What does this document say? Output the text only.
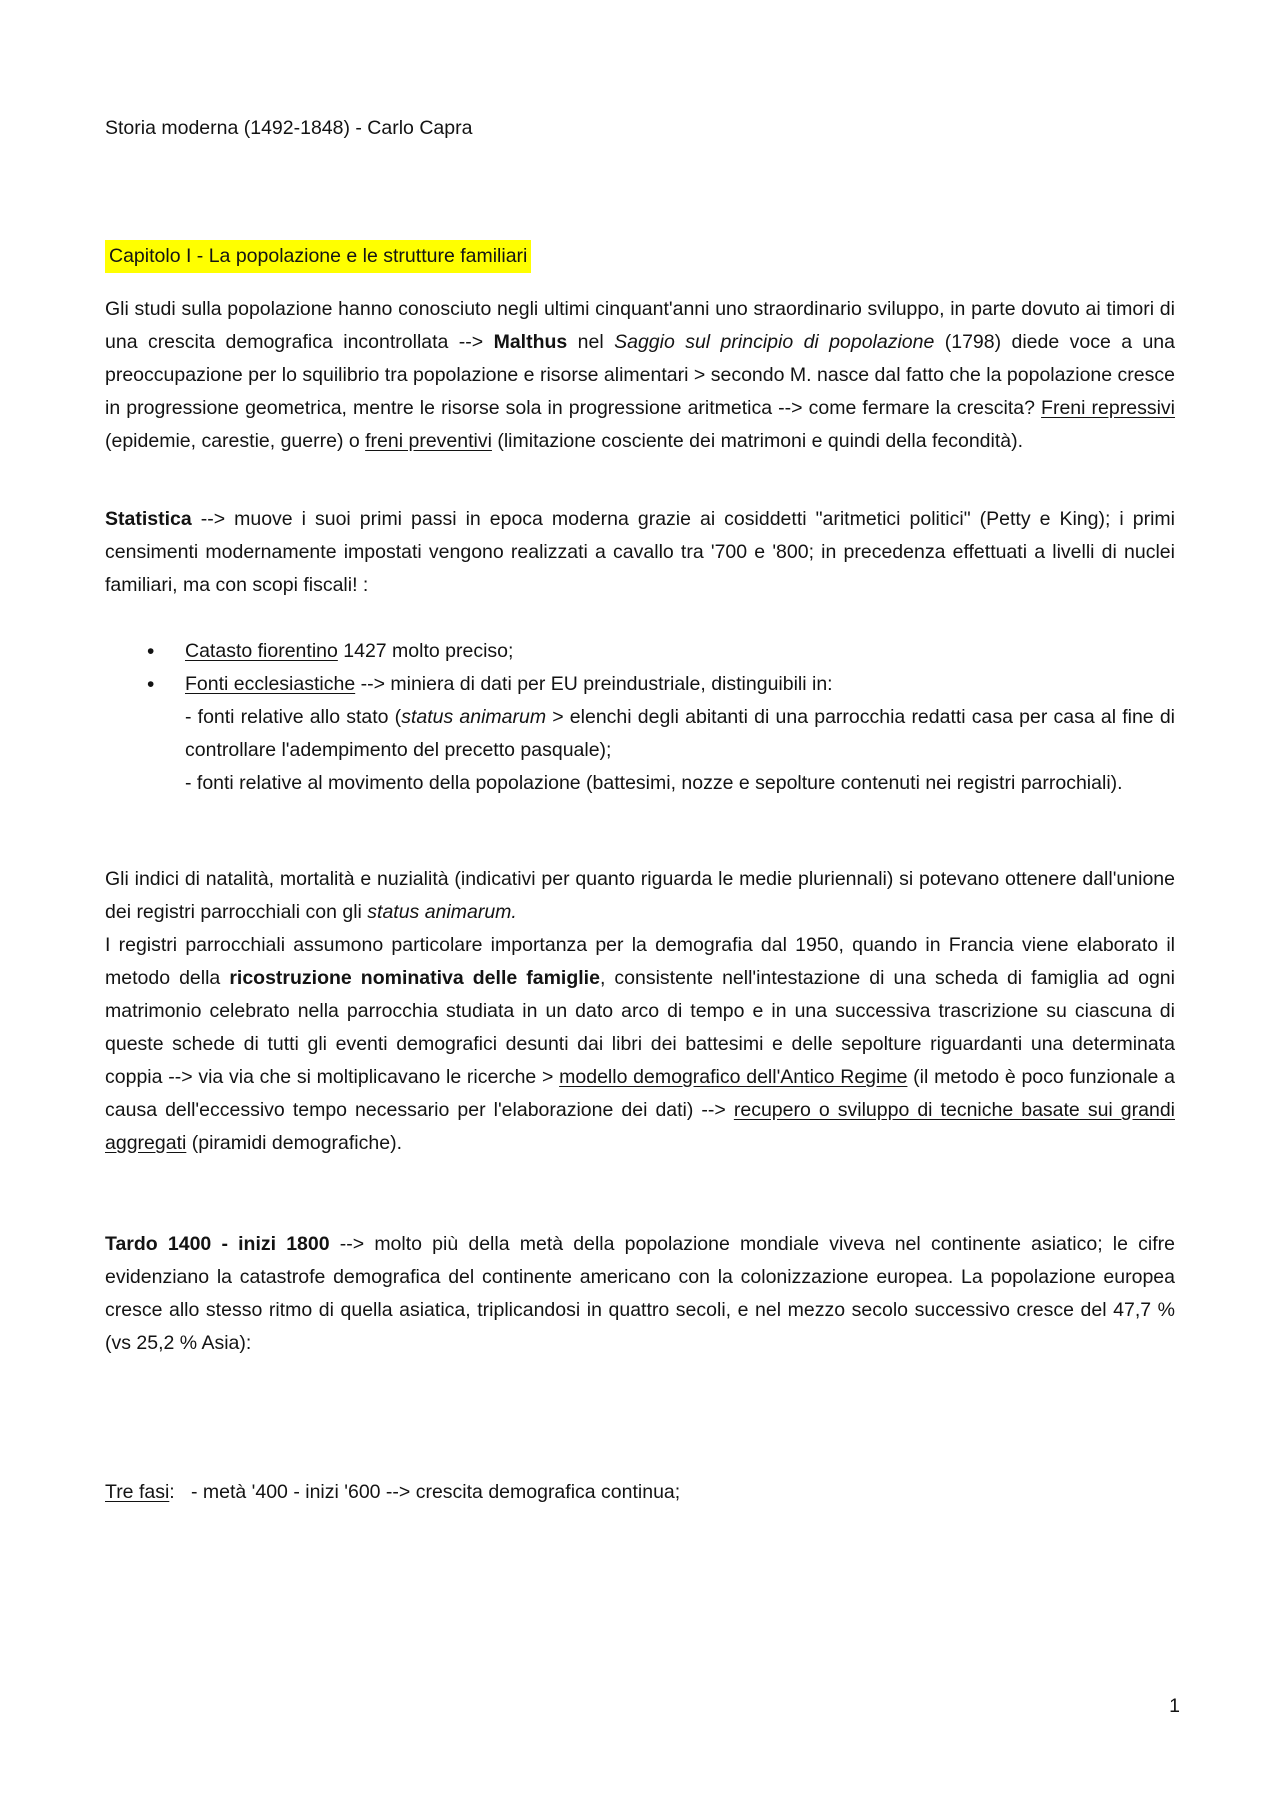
Storia moderna (1492-1848) - Carlo Capra
Capitolo I - La popolazione e le strutture familiari
Gli studi sulla popolazione hanno conosciuto negli ultimi cinquant'anni uno straordinario sviluppo, in parte dovuto ai timori di una crescita demografica incontrollata --> Malthus nel Saggio sul principio di popolazione (1798) diede voce a una preoccupazione per lo squilibrio tra popolazione e risorse alimentari > secondo M. nasce dal fatto che la popolazione cresce in progressione geometrica, mentre le risorse sola in progressione aritmetica --> come fermare la crescita? Freni repressivi (epidemie, carestie, guerre) o freni preventivi (limitazione cosciente dei matrimoni e quindi della fecondità).
Statistica --> muove i suoi primi passi in epoca moderna grazie ai cosiddetti "aritmetici politici" (Petty e King); i primi censimenti modernamente impostati vengono realizzati a cavallo tra '700 e '800; in precedenza effettuati a livelli di nuclei familiari, ma con scopi fiscali! :
• Catasto fiorentino 1427 molto preciso;
• Fonti ecclesiastiche --> miniera di dati per EU preindustriale, distinguibili in:
- fonti relative allo stato (status animarum > elenchi degli abitanti di una parrocchia redatti casa per casa al fine di controllare l'adempimento del precetto pasquale);
- fonti relative al movimento della popolazione (battesimi, nozze e sepolture contenuti nei registri parrochiali).
Gli indici di natalità, mortalità e nuzialità (indicativi per quanto riguarda le medie pluriennali) si potevano ottenere dall'unione dei registri parrocchiali con gli status animarum.
I registri parrocchiali assumono particolare importanza per la demografia dal 1950, quando in Francia viene elaborato il metodo della ricostruzione nominativa delle famiglie, consistente nell'intestazione di una scheda di famiglia ad ogni matrimonio celebrato nella parrocchia studiata in un dato arco di tempo e in una successiva trascrizione su ciascuna di queste schede di tutti gli eventi demografici desunti dai libri dei battesimi e delle sepolture riguardanti una determinata coppia --> via via che si moltiplicavano le ricerche > modello demografico dell'Antico Regime (il metodo è poco funzionale a causa dell'eccessivo tempo necessario per l'elaborazione dei dati) --> recupero o sviluppo di tecniche basate sui grandi aggregati (piramidi demografiche).
Tardo 1400 - inizi 1800 --> molto più della metà della popolazione mondiale viveva nel continente asiatico; le cifre evidenziano la catastrofe demografica del continente americano con la colonizzazione europea. La popolazione europea cresce allo stesso ritmo di quella asiatica, triplicandosi in quattro secoli, e nel mezzo secolo successivo cresce del 47,7 % (vs 25,2 % Asia):
Tre fasi:   - metà '400 - inizi '600 --> crescita demografica continua;
1
